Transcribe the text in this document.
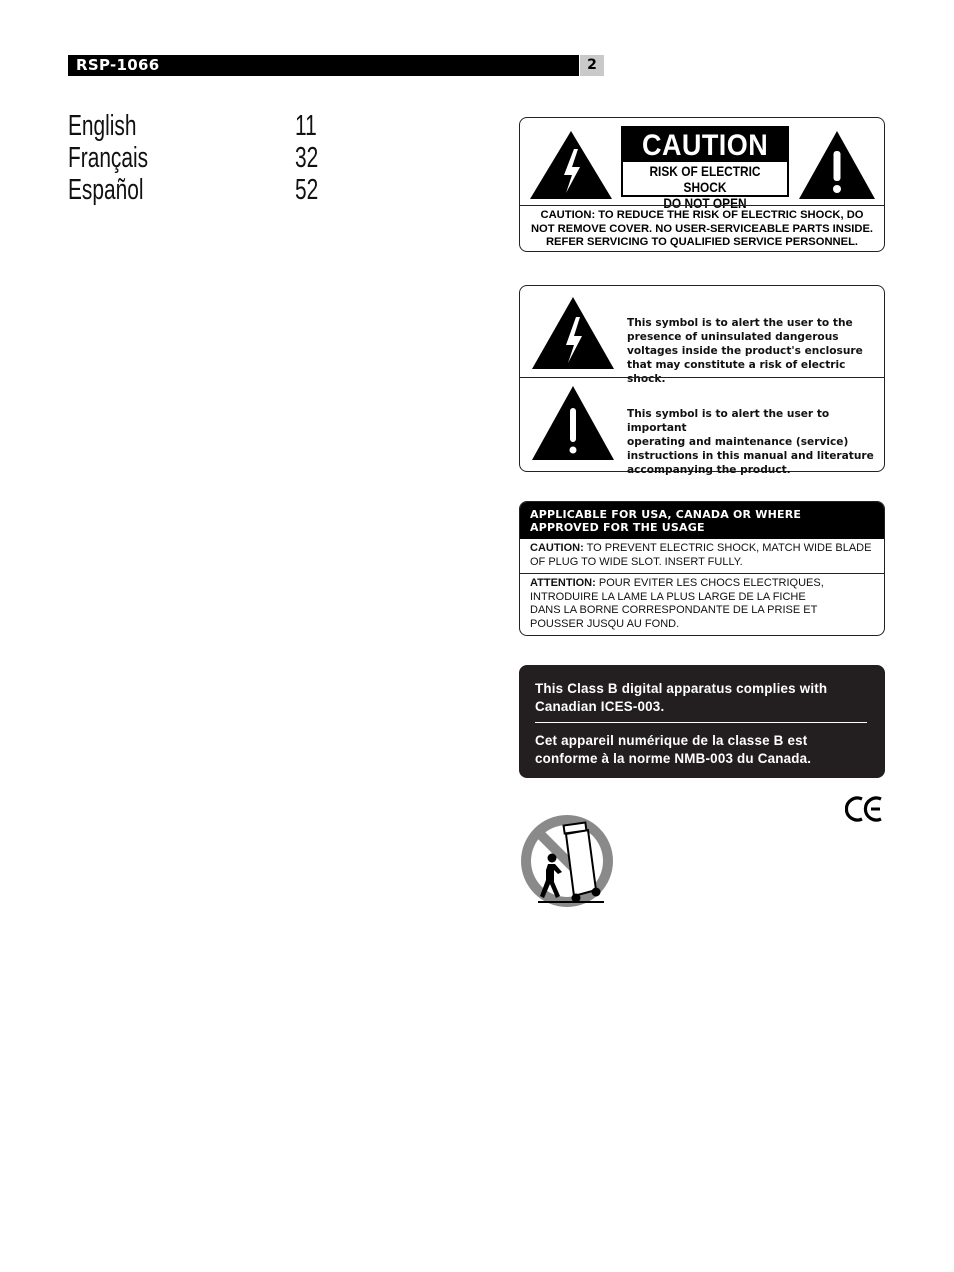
RSP-1066	2
English	11
Français	32
Español	52
CAUTION
RISK OF ELECTRIC SHOCK
DO NOT OPEN
CAUTION: TO REDUCE THE RISK OF ELECTRIC SHOCK, DO
NOT REMOVE COVER. NO USER-SERVICEABLE PARTS INSIDE.
REFER SERVICING TO QUALIFIED SERVICE PERSONNEL.
This symbol is to alert the user to the
presence of uninsulated dangerous
voltages inside the product's enclosure
that may constitute a risk of electric shock.
This symbol is to alert the user to important
operating and maintenance (service)
instructions in this manual and literature
accompanying the product.
APPLICABLE FOR USA, CANADA OR WHERE
APPROVED FOR THE USAGE
CAUTION: TO PREVENT ELECTRIC SHOCK, MATCH WIDE BLADE
OF PLUG TO WIDE SLOT. INSERT FULLY.
ATTENTION: POUR EVITER LES CHOCS ELECTRIQUES,
INTRODUIRE LA LAME LA PLUS LARGE DE LA FICHE
DANS LA BORNE CORRESPONDANTE DE LA PRISE ET
POUSSER JUSQU AU FOND.
This Class B digital apparatus complies with
Canadian ICES-003.
Cet appareil numérique de la classe B est
conforme à la norme NMB-003 du Canada.
